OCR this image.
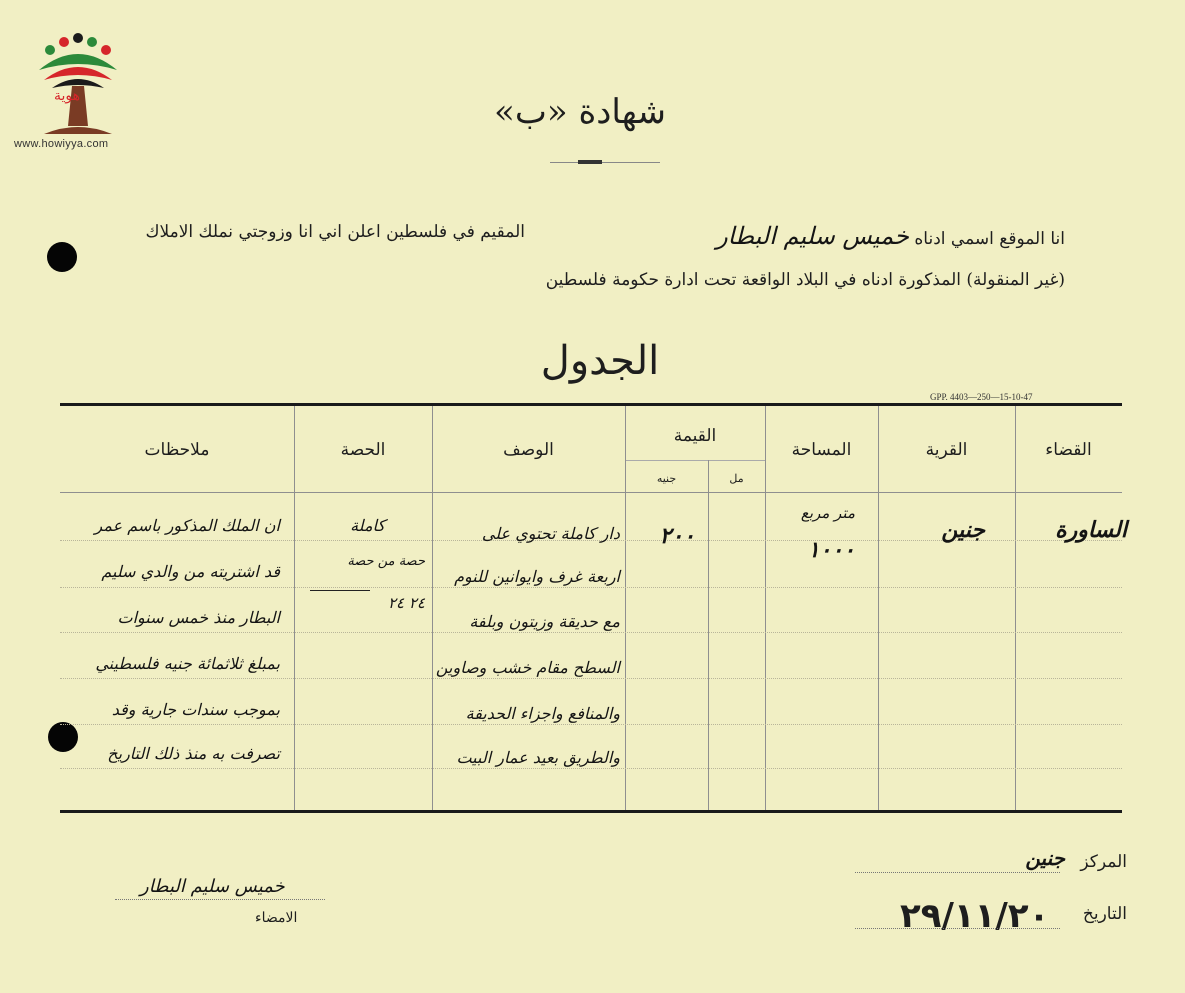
www.howiyya.com
هوية	شهادة «ب»
انا الموقع اسمي ادناه خميس سليم البطار
المقيم في فلسطين اعلن اني انا وزوجتي نملك الاملاك
(غير المنقولة) المذكورة ادناه في البلاد الواقعة تحت ادارة حكومة فلسطين
الجدول
GPP. 4403—250—15-10-47
القضاء
القرية
المساحة
القيمة
جنيه	مل
الوصف
الحصة
ملاحظات
الساورة
جنين
متر مربع
١٠٠٠
٢٠٠
دار كاملة تحتوي على
اربعة غرف وايوانين للنوم
مع حديقة وزيتون وبلفة
السطح مقام خشب وصاوين
والمنافع واجزاء الحديقة
والطريق بعيد عمار البيت
كاملة
حصة من حصة
٢٤ ٢٤
ان الملك المذكور باسم عمر
قد اشتريته من والدي سليم
البطار منذ خمس سنوات
بمبلغ ثلاثمائة جنيه فلسطيني
بموجب سندات جارية وقد
تصرفت به منذ ذلك التاريخ
المركز
جنين
التاريخ
٢٩/١١/٢٠
خميس سليم البطار
الامضاء
